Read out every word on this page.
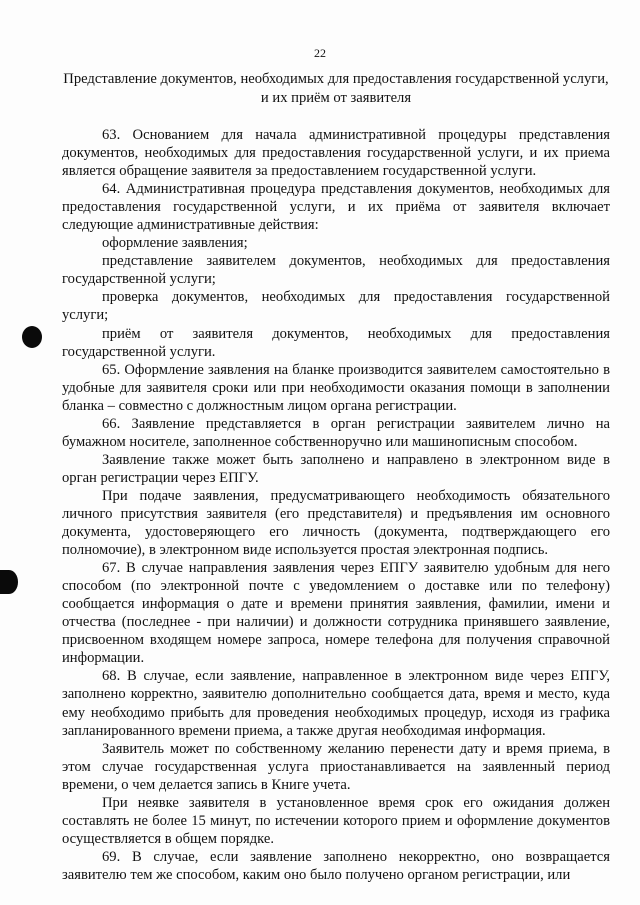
22
Представление документов, необходимых для предоставления государственной услуги, и их приём от заявителя

63. Основанием для начала административной процедуры представления документов, необходимых для предоставления государственной услуги, и их приема является обращение заявителя за предоставлением государственной услуги.

64. Административная процедура представления документов, необходимых для предоставления государственной услуги, и их приёма от заявителя включает следующие административные действия:

оформление заявления;

представление заявителем документов, необходимых для предоставления государственной услуги;

проверка документов, необходимых для предоставления государственной услуги;

приём от заявителя документов, необходимых для предоставления государственной услуги.

65. Оформление заявления на бланке производится заявителем самостоятельно в удобные для заявителя сроки или при необходимости оказания помощи в заполнении бланка – совместно с должностным лицом органа регистрации.

66. Заявление представляется в орган регистрации заявителем лично на бумажном носителе, заполненное собственноручно или машинописным способом.

Заявление также может быть заполнено и направлено в электронном виде в орган регистрации через ЕПГУ.

При подаче заявления, предусматривающего необходимость обязательного личного присутствия заявителя (его представителя) и предъявления им основного документа, удостоверяющего его личность (документа, подтверждающего его полномочие), в электронном виде используется простая электронная подпись.

67. В случае направления заявления через ЕПГУ заявителю удобным для него способом (по электронной почте с уведомлением о доставке или по телефону) сообщается информация о дате и времени принятия заявления, фамилии, имени и отчества (последнее - при наличии) и должности сотрудника принявшего заявление, присвоенном входящем номере запроса, номере телефона для получения справочной информации.

68. В случае, если заявление, направленное в электронном виде через ЕПГУ, заполнено корректно, заявителю дополнительно сообщается дата, время и место, куда ему необходимо прибыть для проведения необходимых процедур, исходя из графика запланированного времени приема, а также другая необходимая информация.

Заявитель может по собственному желанию перенести дату и время приема, в этом случае государственная услуга приостанавливается на заявленный период времени, о чем делается запись в Книге учета.

При неявке заявителя в установленное время срок его ожидания должен составлять не более 15 минут, по истечении которого прием и оформление документов осуществляется в общем порядке.

69. В случае, если заявление заполнено некорректно, оно возвращается заявителю тем же способом, каким оно было получено органом регистрации, или
